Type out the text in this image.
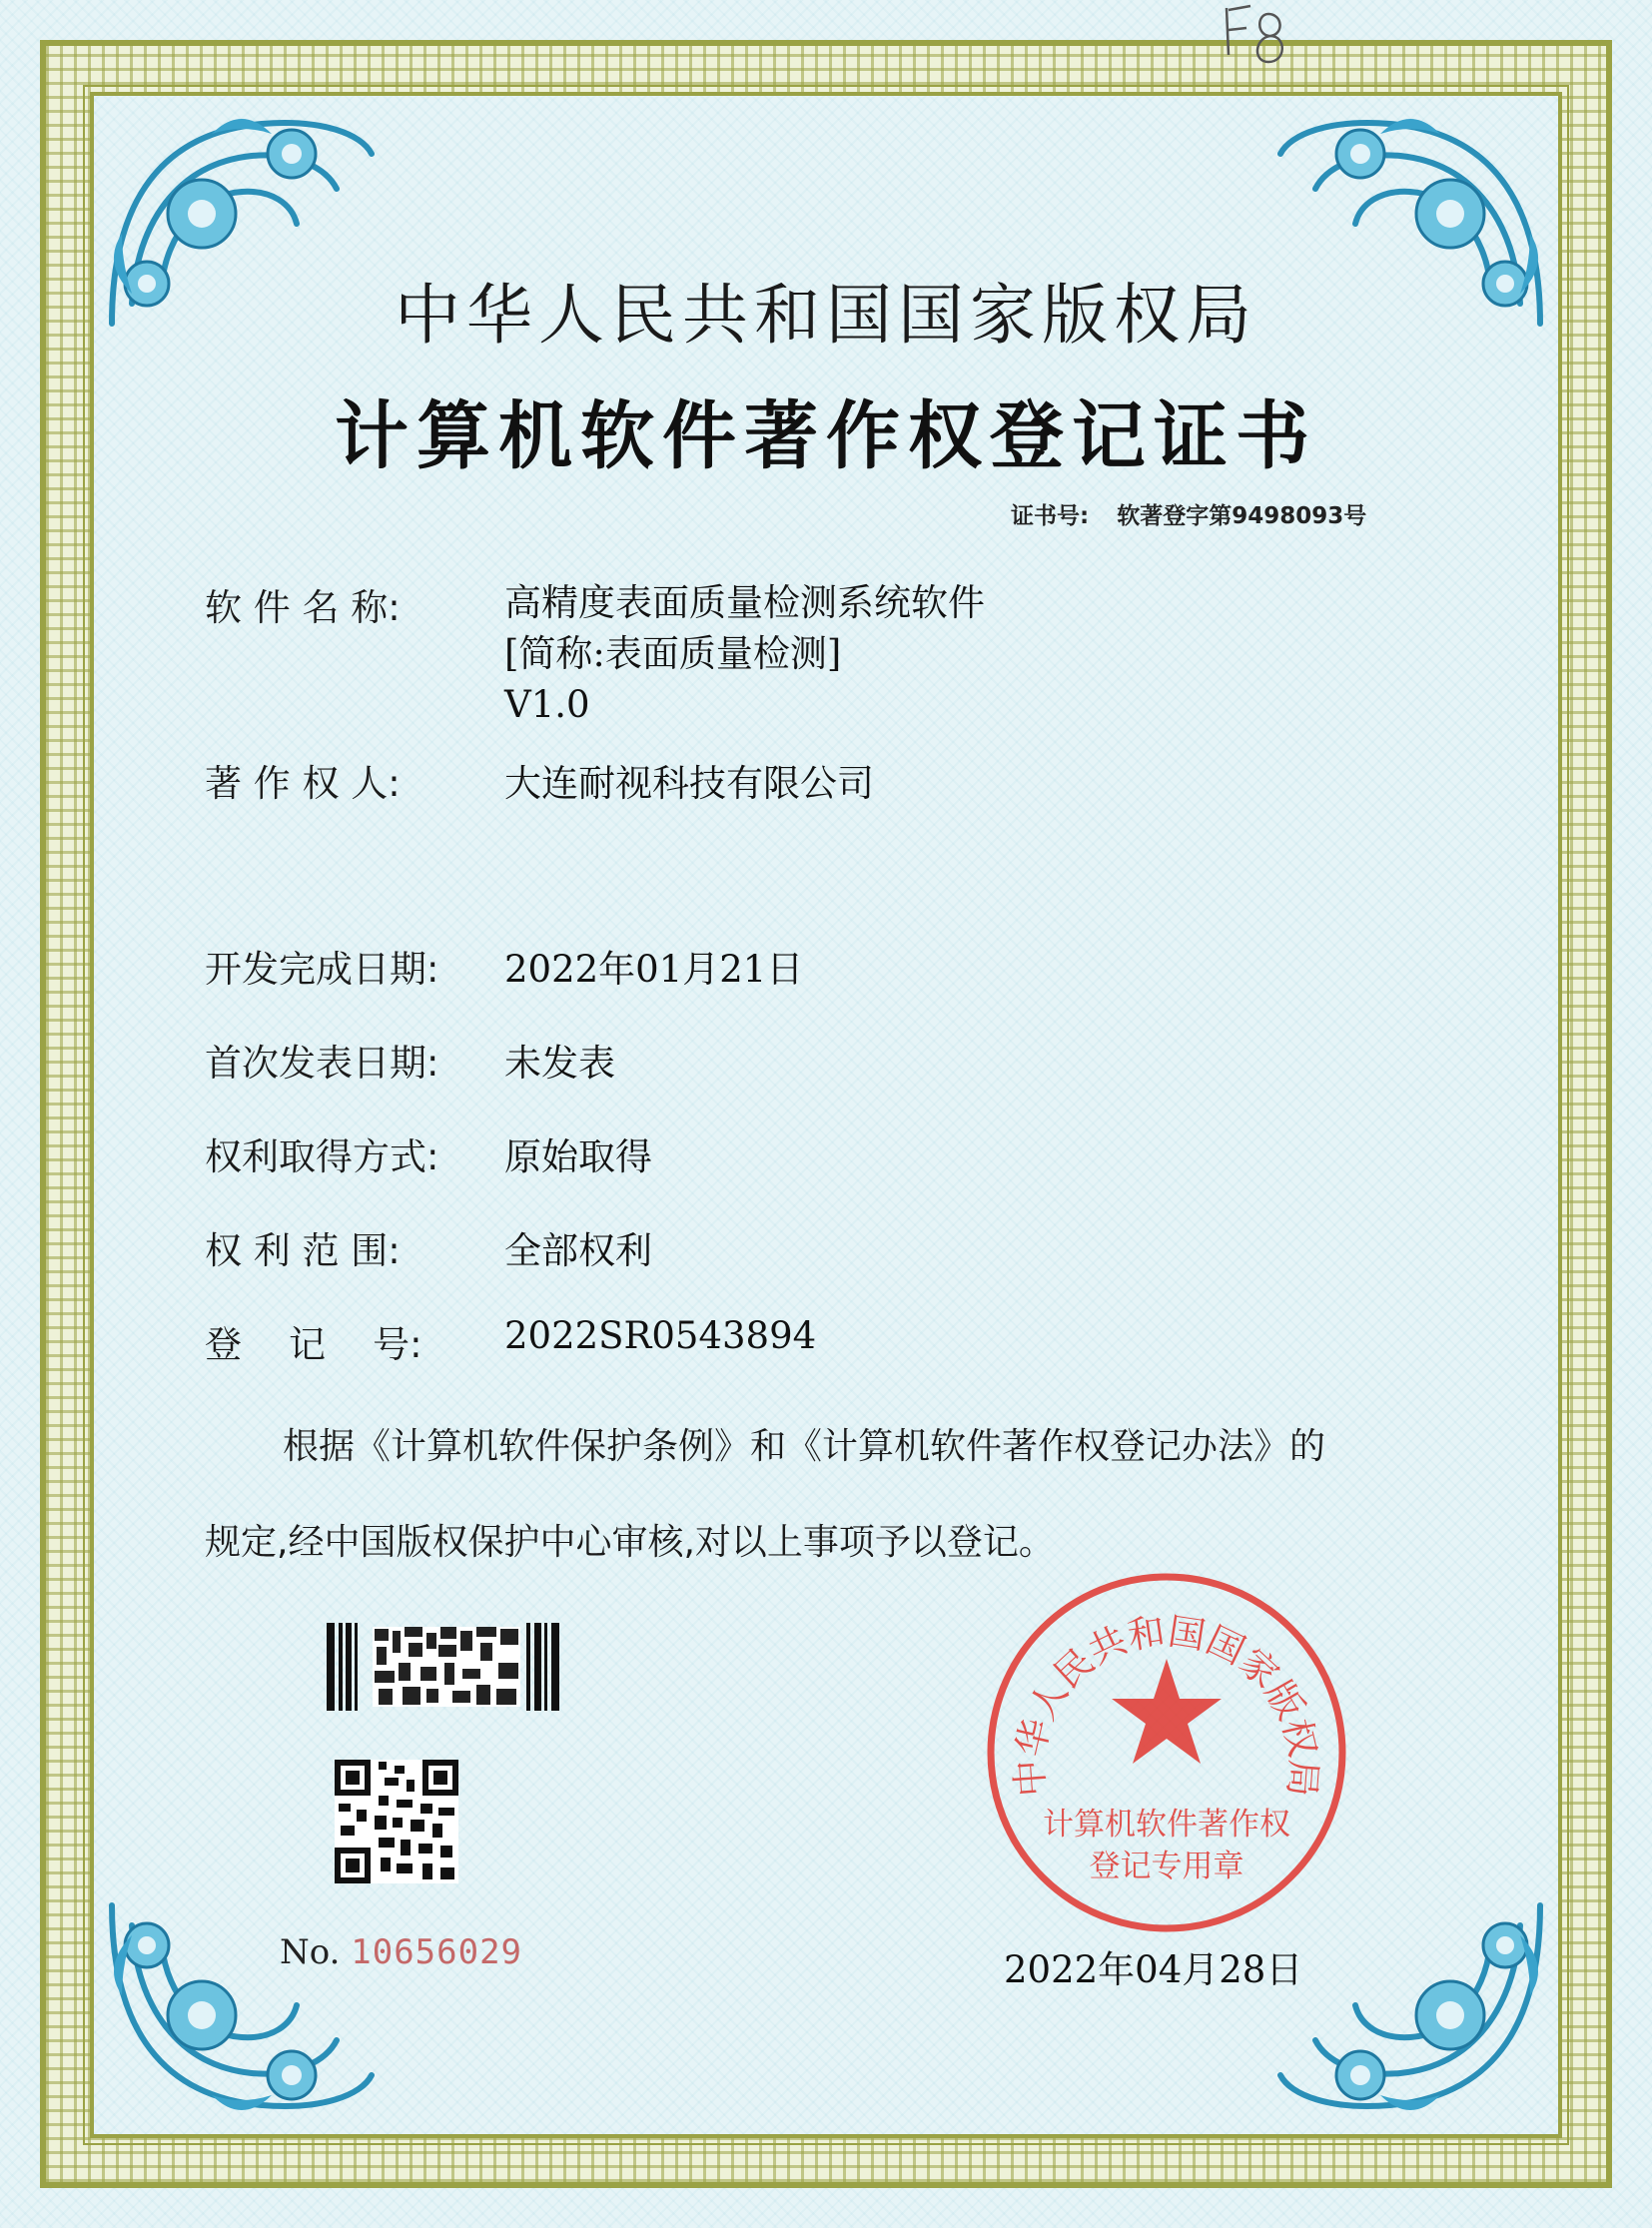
中华人民共和国国家版权局
计算机软件著作权登记证书
证书号: 软著登字第9498093号
软 件 名 称:	高精度表面质量检测系统软件
[简称:表面质量检测]
V1.0
著 作 权 人:	大连耐视科技有限公司
开发完成日期: 2022年01月21日
首次发表日期: 未发表
权利取得方式: 原始取得
权 利 范 围:	全部权利
登    记    号: 2022SR0543894
根据《计算机软件保护条例》和《计算机软件著作权登记办法》的
规定,经中国版权保护中心审核,对以上事项予以登记。
No. 10656029
中华人民共和国国家版权局
计算机软件著作权
登记专用章
2022年04月28日
